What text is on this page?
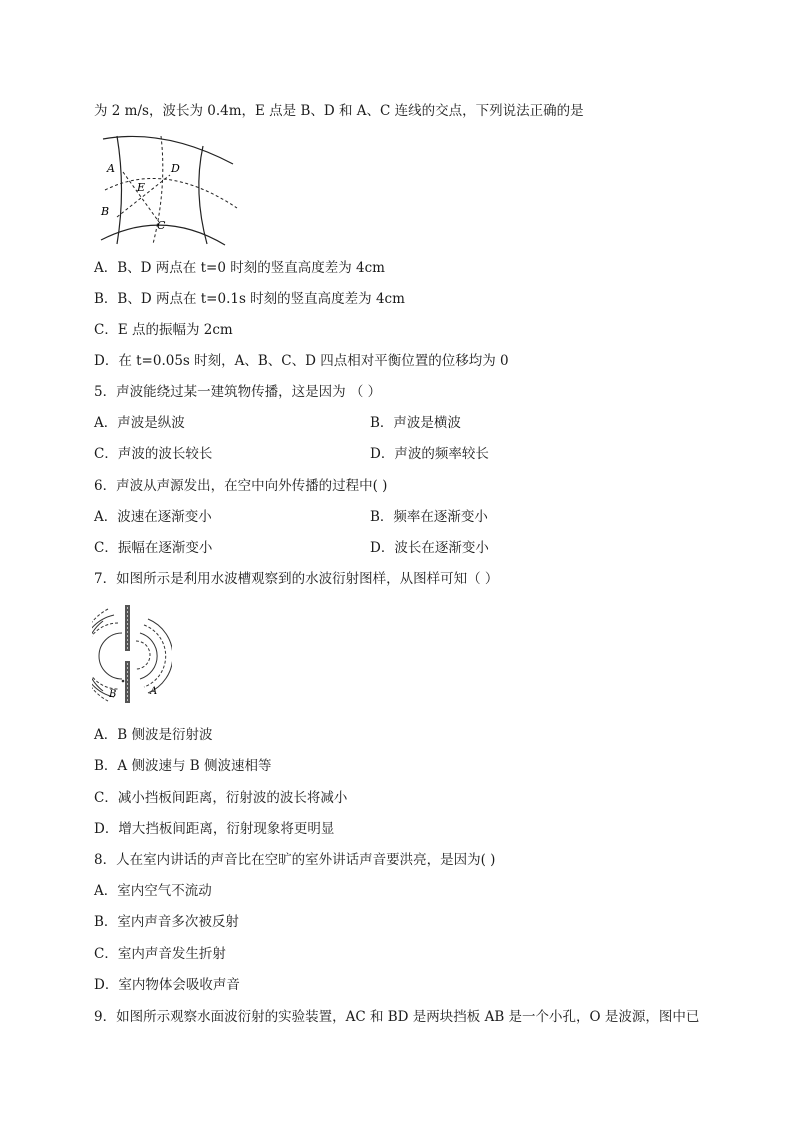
为 2 m/s，波长为 0.4m，E 点是 B、D 和 A、C 连线的交点，下列说法正确的是
A	D
E
B
C
A．B、D 两点在 t=0 时刻的竖直高度差为 4cm
B．B、D 两点在 t=0.1s 时刻的竖直高度差为 4cm
C．E 点的振幅为 2cm
D．在 t=0.05s 时刻，A、B、C、D 四点相对平衡位置的位移均为 0
5．声波能绕过某一建筑物传播，这是因为 （ ）
A．声波是纵波	B．声波是横波
C．声波的波长较长	D．声波的频率较长
6．声波从声源发出，在空中向外传播的过程中( )
A．波速在逐渐变小	B．频率在逐渐变小
C．振幅在逐渐变小	D．波长在逐渐变小
7．如图所示是利用水波槽观察到的水波衍射图样，从图样可知（ ）
B	A
A．B 侧波是衍射波
B．A 侧波速与 B 侧波速相等
C．减小挡板间距离，衍射波的波长将减小
D．增大挡板间距离，衍射现象将更明显
8．人在室内讲话的声音比在空旷的室外讲话声音要洪亮，是因为( )
A．室内空气不流动
B．室内声音多次被反射
C．室内声音发生折射
D．室内物体会吸收声音
9．如图所示观察水面波衍射的实验装置，AC 和 BD 是两块挡板 AB 是一个小孔，O 是波源，图中已
